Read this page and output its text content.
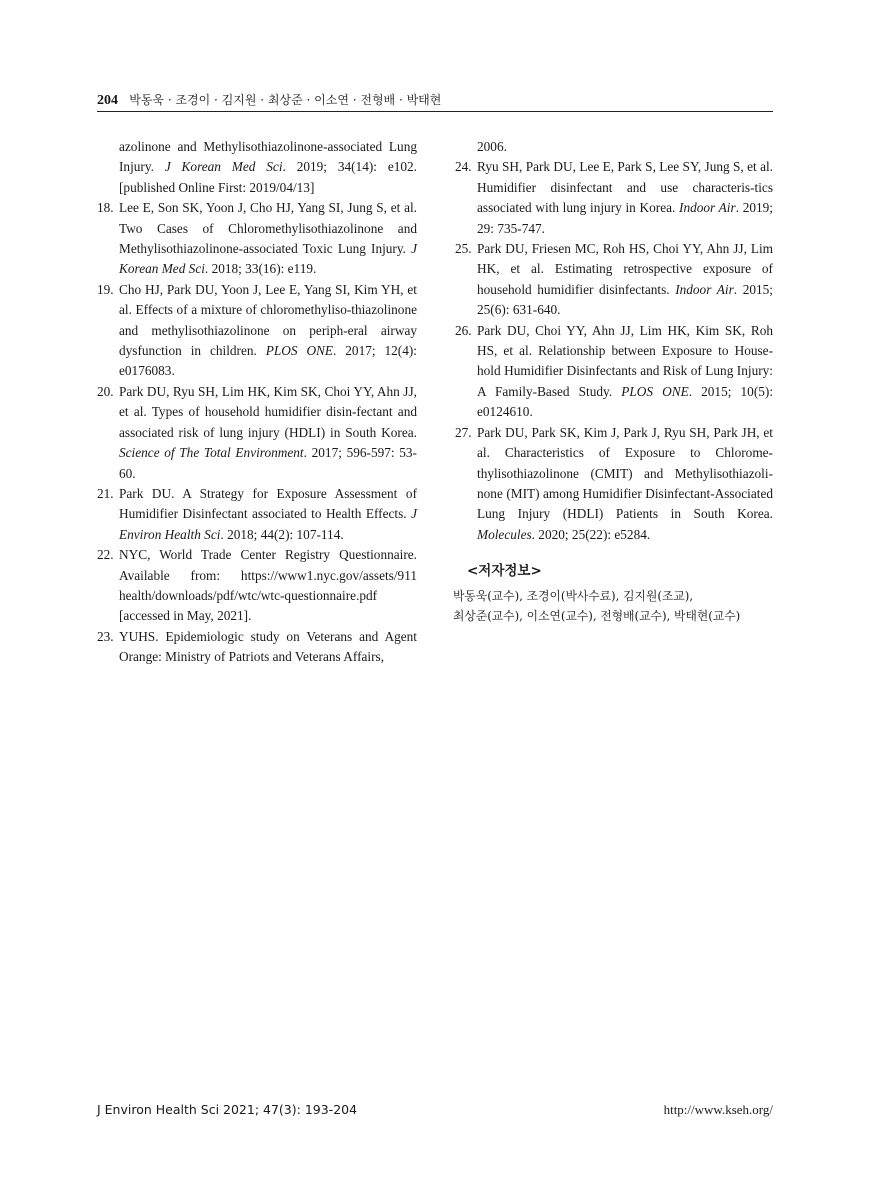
204 박동욱 · 조경이 · 김지원 · 최상준 · 이소연 · 전형배 · 박태현
azolinone and Methylisothiazolinone-associated Lung Injury. J Korean Med Sci. 2019; 34(14): e102. [published Online First: 2019/04/13]
18. Lee E, Son SK, Yoon J, Cho HJ, Yang SI, Jung S, et al. Two Cases of Chloromethylisothiazolinone and Methylisothiazolinone-associated Toxic Lung Injury. J Korean Med Sci. 2018; 33(16): e119.
19. Cho HJ, Park DU, Yoon J, Lee E, Yang SI, Kim YH, et al. Effects of a mixture of chloromethyliso-thiazolinone and methylisothiazolinone on periph-eral airway dysfunction in children. PLOS ONE. 2017; 12(4): e0176083.
20. Park DU, Ryu SH, Lim HK, Kim SK, Choi YY, Ahn JJ, et al. Types of household humidifier disin-fectant and associated risk of lung injury (HDLI) in South Korea. Science of The Total Environment. 2017; 596-597: 53-60.
21. Park DU. A Strategy for Exposure Assessment of Humidifier Disinfectant associated to Health Effects. J Environ Health Sci. 2018; 44(2): 107-114.
22. NYC, World Trade Center Registry Questionnaire. Available from: https://www1.nyc.gov/assets/911 health/downloads/pdf/wtc/wtc-questionnaire.pdf [accessed in May, 2021].
23. YUHS. Epidemiologic study on Veterans and Agent Orange: Ministry of Patriots and Veterans Affairs,
2006.
24. Ryu SH, Park DU, Lee E, Park S, Lee SY, Jung S, et al. Humidifier disinfectant and use characteris-tics associated with lung injury in Korea. Indoor Air. 2019; 29: 735-747.
25. Park DU, Friesen MC, Roh HS, Choi YY, Ahn JJ, Lim HK, et al. Estimating retrospective exposure of household humidifier disinfectants. Indoor Air. 2015; 25(6): 631-640.
26. Park DU, Choi YY, Ahn JJ, Lim HK, Kim SK, Roh HS, et al. Relationship between Exposure to House-hold Humidifier Disinfectants and Risk of Lung Injury: A Family-Based Study. PLOS ONE. 2015; 10(5): e0124610.
27. Park DU, Park SK, Kim J, Park J, Ryu SH, Park JH, et al. Characteristics of Exposure to Chlorome-thylisothiazolinone (CMIT) and Methylisothiazoli-none (MIT) among Humidifier Disinfectant-Associated Lung Injury (HDLI) Patients in South Korea. Molecules. 2020; 25(22): e5284.
<저자정보>
박동욱(교수), 조경이(박사수료), 김지원(조교),
최상준(교수), 이소연(교수), 전형배(교수), 박태현(교수)
J Environ Health Sci 2021; 47(3): 193-204	http://www.kseh.org/
